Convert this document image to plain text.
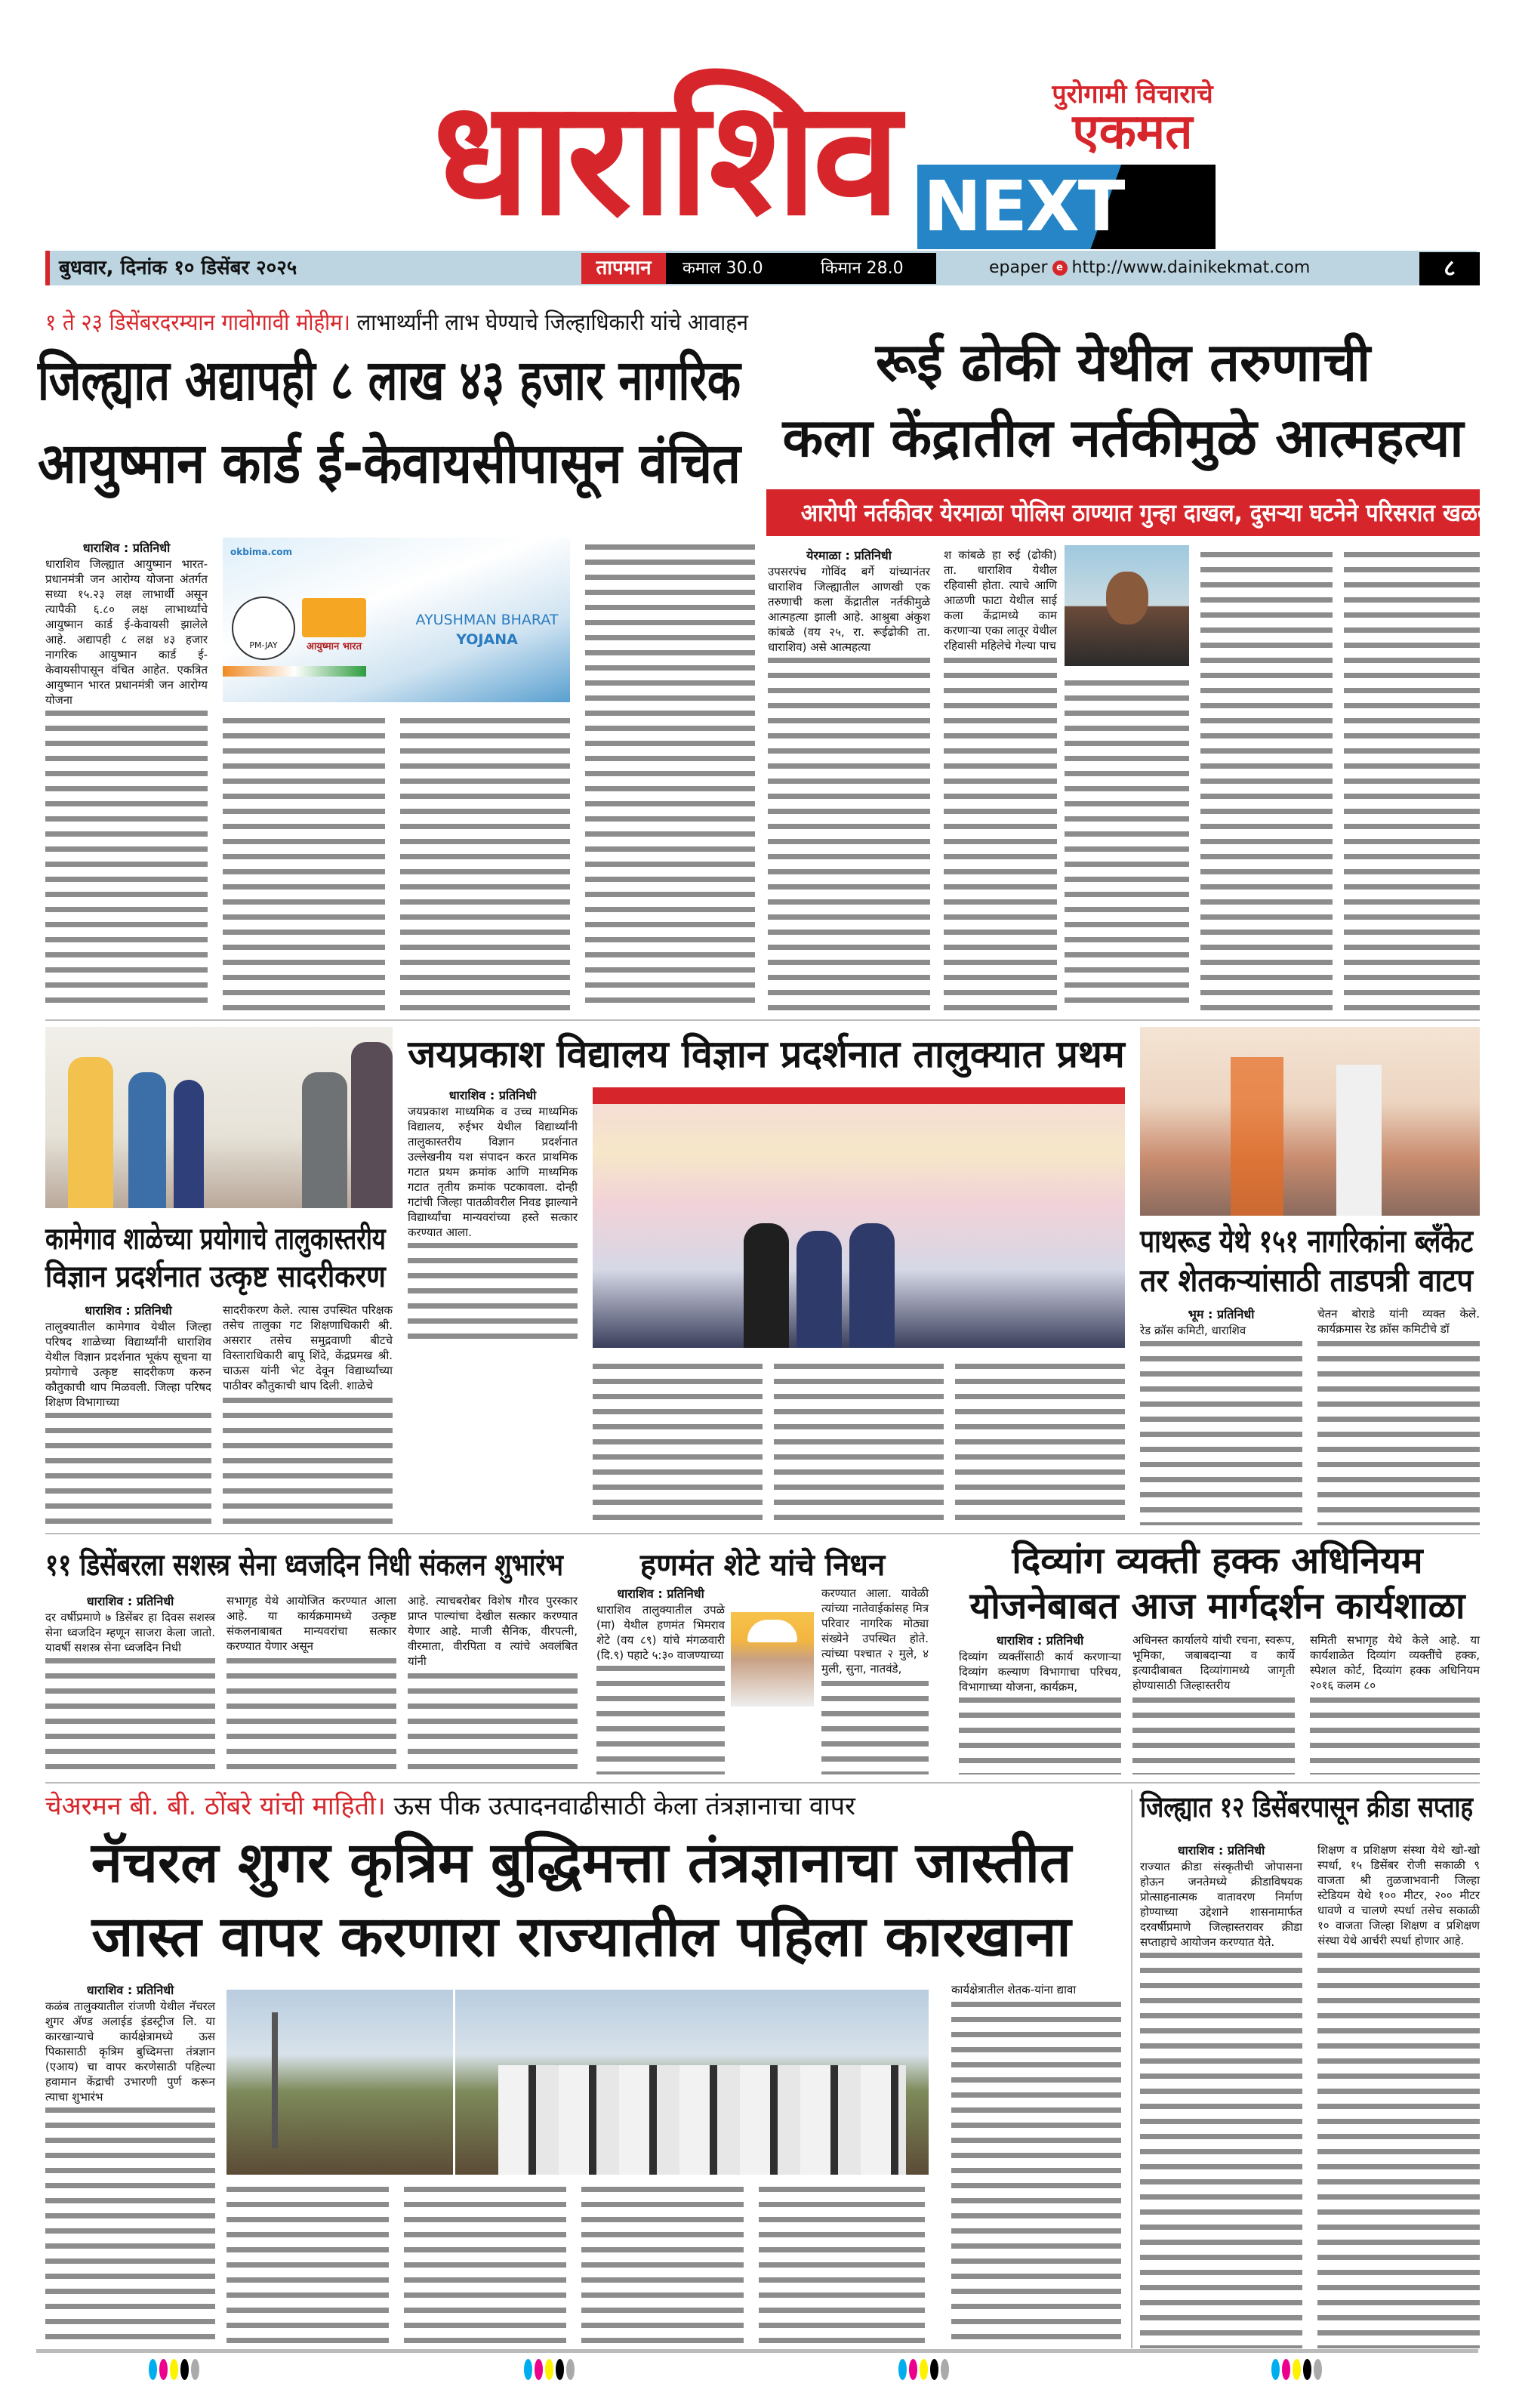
धाराशिव	पुरोगामी विचाराचे
एकमत
NEXT
बुधवार, दिनांक १० डिसेंबर २०२५	तापमान	कमाल 30.0	किमान 28.0	epaper e http://www.dainikekmat.com	८
१ ते २३ डिसेंबरदरम्यान गावोगावी मोहीम। लाभार्थ्यांनी लाभ घेण्याचे जिल्हाधिकारी यांचे आवाहन
जिल्ह्यात अद्यापही ८ लाख ४३ हजार नागरिक
आयुष्मान कार्ड ई-केवायसीपासून वंचित
धाराशिव : प्रतिनिधी
धाराशिव जिल्ह्यात आयुष्मान भारत-प्रधानमंत्री जन आरोग्य योजना अंतर्गत सध्या १५.२३ लक्ष लाभार्थी असून त्यापैकी ६.८० लक्ष लाभार्थ्यांचे आयुष्मान कार्ड ई-केवायसी झालेले आहे. अद्यापही ८ लक्ष ४३ हजार नागरिक आयुष्मान कार्ड ई-केवायसीपासून वंचित आहेत. एकत्रित आयुष्मान भारत प्रधानमंत्री जन आरोग्य योजना
okbima.com
PM-JAY	आयुष्मान भारत
AYUSHMAN BHARAT
YOJANA
रूई ढोकी येथील तरुणाची
कला केंद्रातील नर्तकीमुळे आत्महत्या
आरोपी नर्तकीवर येरमाळा पोलिस ठाण्यात गुन्हा दाखल, दुसऱ्या घटनेने परिसरात खळबळ
येरमाळा : प्रतिनिधी
उपसरपंच गोविंद बर्गे यांच्यानंतर धाराशिव जिल्ह्यातील आणखी एक तरुणाची कला केंद्रातील नर्तकीमुळे आत्महत्या झाली आहे. आश्रुबा अंकुश कांबळे (वय २५, रा. रूईढोकी ता. धाराशिव) असे आत्महत्या
श कांबळे हा रुई (ढोकी) ता. धाराशिव येथील रहिवासी होता. त्याचे आणि आळणी फाटा येथील साई कला केंद्रामध्ये काम करणाऱ्या एका लातूर येथील रहिवासी महिलेचे गेल्या पाच
कामेगाव शाळेच्या प्रयोगाचे तालुकास्तरीय
विज्ञान प्रदर्शनात उत्कृष्ट सादरीकरण
धाराशिव : प्रतिनिधी
तालुक्यातील कामेगाव येथील जिल्हा परिषद शाळेच्या विद्यार्थ्यांनी धाराशिव येथील विज्ञान प्रदर्शनात भूकंप सूचना या प्रयोगाचे उत्कृष्ट सादरीकण करुन कौतुकाची थाप मिळवली. जिल्हा परिषद शिक्षण विभागाच्या
सादरीकरण केले. त्यास उपस्थित परिक्षक तसेच तालुका गट शिक्षणाधिकारी श्री. असरार तसेच समुद्रवाणी बीटचे विस्ताराधिकारी बापू शिंदे, केंद्रप्रमख श्री. चाऊस यांनी भेट देवून विद्यार्थ्यांच्या पाठीवर कौतुकाची थाप दिली. शाळेचे
जयप्रकाश विद्यालय विज्ञान प्रदर्शनात तालुक्यात प्रथम
धाराशिव : प्रतिनिधी
जयप्रकाश माध्यमिक व उच्च माध्यमिक विद्यालय, रुईभर येथील विद्यार्थ्यांनी तालुकास्तरीय विज्ञान प्रदर्शनात उल्लेखनीय यश संपादन करत प्राथमिक गटात प्रथम क्रमांक आणि माध्यमिक गटात तृतीय क्रमांक पटकावला. दोन्ही गटांची जिल्हा पातळीवरील निवड झाल्याने विद्यार्थ्यांचा मान्यवरांच्या हस्ते सत्कार करण्यात आला.	पाथरूड येथे १५१ नागरिकांना ब्लँकेट
तर शेतकऱ्यांसाठी ताडपत्री वाटप
भूम : प्रतिनिधी
रेड क्रॉस कमिटी, धाराशिव
चेतन बोराडे यांनी व्यक्त केले. कार्यक्रमास रेड क्रॉस कमिटीचे डॉ
११ डिसेंबरला सशस्त्र सेना ध्वजदिन निधी संकलन शुभारंभ
धाराशिव : प्रतिनिधी
दर वर्षीप्रमाणे ७ डिसेंबर हा दिवस सशस्त्र सेना ध्वजदिन म्हणून साजरा केला जातो. यावर्षी सशस्त्र सेना ध्वजदिन निधी
सभागृह येथे आयोजित करण्यात आला आहे. या कार्यक्रमामध्ये उत्कृष्ट संकलनाबाबत मान्यवरांचा सत्कार करण्यात येणार असून
आहे. त्याचबरोबर विशेष गौरव पुरस्कार प्राप्त पाल्यांचा देखील सत्कार करण्यात येणार आहे. माजी सैनिक, वीरपत्नी, वीरमाता, वीरपिता व त्यांचे अवलंबित यांनी
हणमंत शेटे यांचे निधन
धाराशिव : प्रतिनिधी
धाराशिव तालुक्यातील उपळे (मा) येथील हणमंत भिमराव शेटे (वय ८९) यांचे मंगळवारी (दि.९) पहाटे ५:३० वाजण्याच्या
करण्यात आला. यावेळी त्यांच्या नातेवाईकांसह मित्र परिवार नागरिक मोठ्या संख्येने उपस्थित होते. त्यांच्या पश्चात २ मुले, ४ मुली, सुना, नातवंडे,
दिव्यांग व्यक्ती हक्क अधिनियम
योजनेबाबत आज मार्गदर्शन कार्यशाळा
धाराशिव : प्रतिनिधी
दिव्यांग व्यक्तींसाठी कार्य करणाऱ्या दिव्यांग कल्याण विभागाचा परिचय, विभागाच्या योजना, कार्यक्रम,
अधिनस्त कार्यालये यांची रचना, स्वरूप, भूमिका, जबाबदाऱ्या व कार्ये इत्यादीबाबत दिव्यांगामध्ये जागृती होण्यासाठी जिल्हास्तरीय
समिती सभागृह येथे केले आहे. या कार्यशाळेत दिव्यांग व्यक्तींचे हक्क, स्पेशल कोर्ट, दिव्यांग हक्क अधिनियम २०१६ कलम ८०
चेअरमन बी. बी. ठोंबरे यांची माहिती। ऊस पीक उत्पादनवाढीसाठी केला तंत्रज्ञानाचा वापर
नॅचरल शुगर कृत्रिम बुद्धिमत्ता तंत्रज्ञानाचा जास्तीत
जास्त वापर करणारा राज्यातील पहिला कारखाना
धाराशिव : प्रतिनिधी
कळंब तालुक्यातील रांजणी येथील नॅचरल शुगर अ‍ॅण्ड अलाईड इंडस्ट्रीज लि. या कारखान्याचे कार्यक्षेत्रामध्ये ऊस पिकासाठी कृत्रिम बुध्दिमत्ता तंत्रज्ञान (एआय) चा वापर करणेसाठी पहिल्या हवामान केंद्राची उभारणी पुर्ण करून त्याचा शुभारंभ
कार्यक्षेत्रातील शेतक-यांना द्यावा
जिल्ह्यात १२ डिसेंबरपासून क्रीडा सप्ताह
धाराशिव : प्रतिनिधी
राज्यात क्रीडा संस्कृतीची जोपासना होऊन जनतेमध्ये क्रीडाविषयक प्रोत्साहनात्मक वातावरण निर्माण होण्याच्या उद्देशाने शासनामार्फत दरवर्षीप्रमाणे जिल्हास्तरावर क्रीडा सप्ताहाचे आयोजन करण्यात येते.
शिक्षण व प्रशिक्षण संस्था येथे खो-खो स्पर्धा, १५ डिसेंबर रोजी सकाळी ९ वाजता श्री तुळजाभवानी जिल्हा स्टेडियम येथे १०० मीटर, २०० मीटर धावणे व चालणे स्पर्धा तसेच सकाळी १० वाजता जिल्हा शिक्षण व प्रशिक्षण संस्था येथे आर्चरी स्पर्धा होणार आहे.
